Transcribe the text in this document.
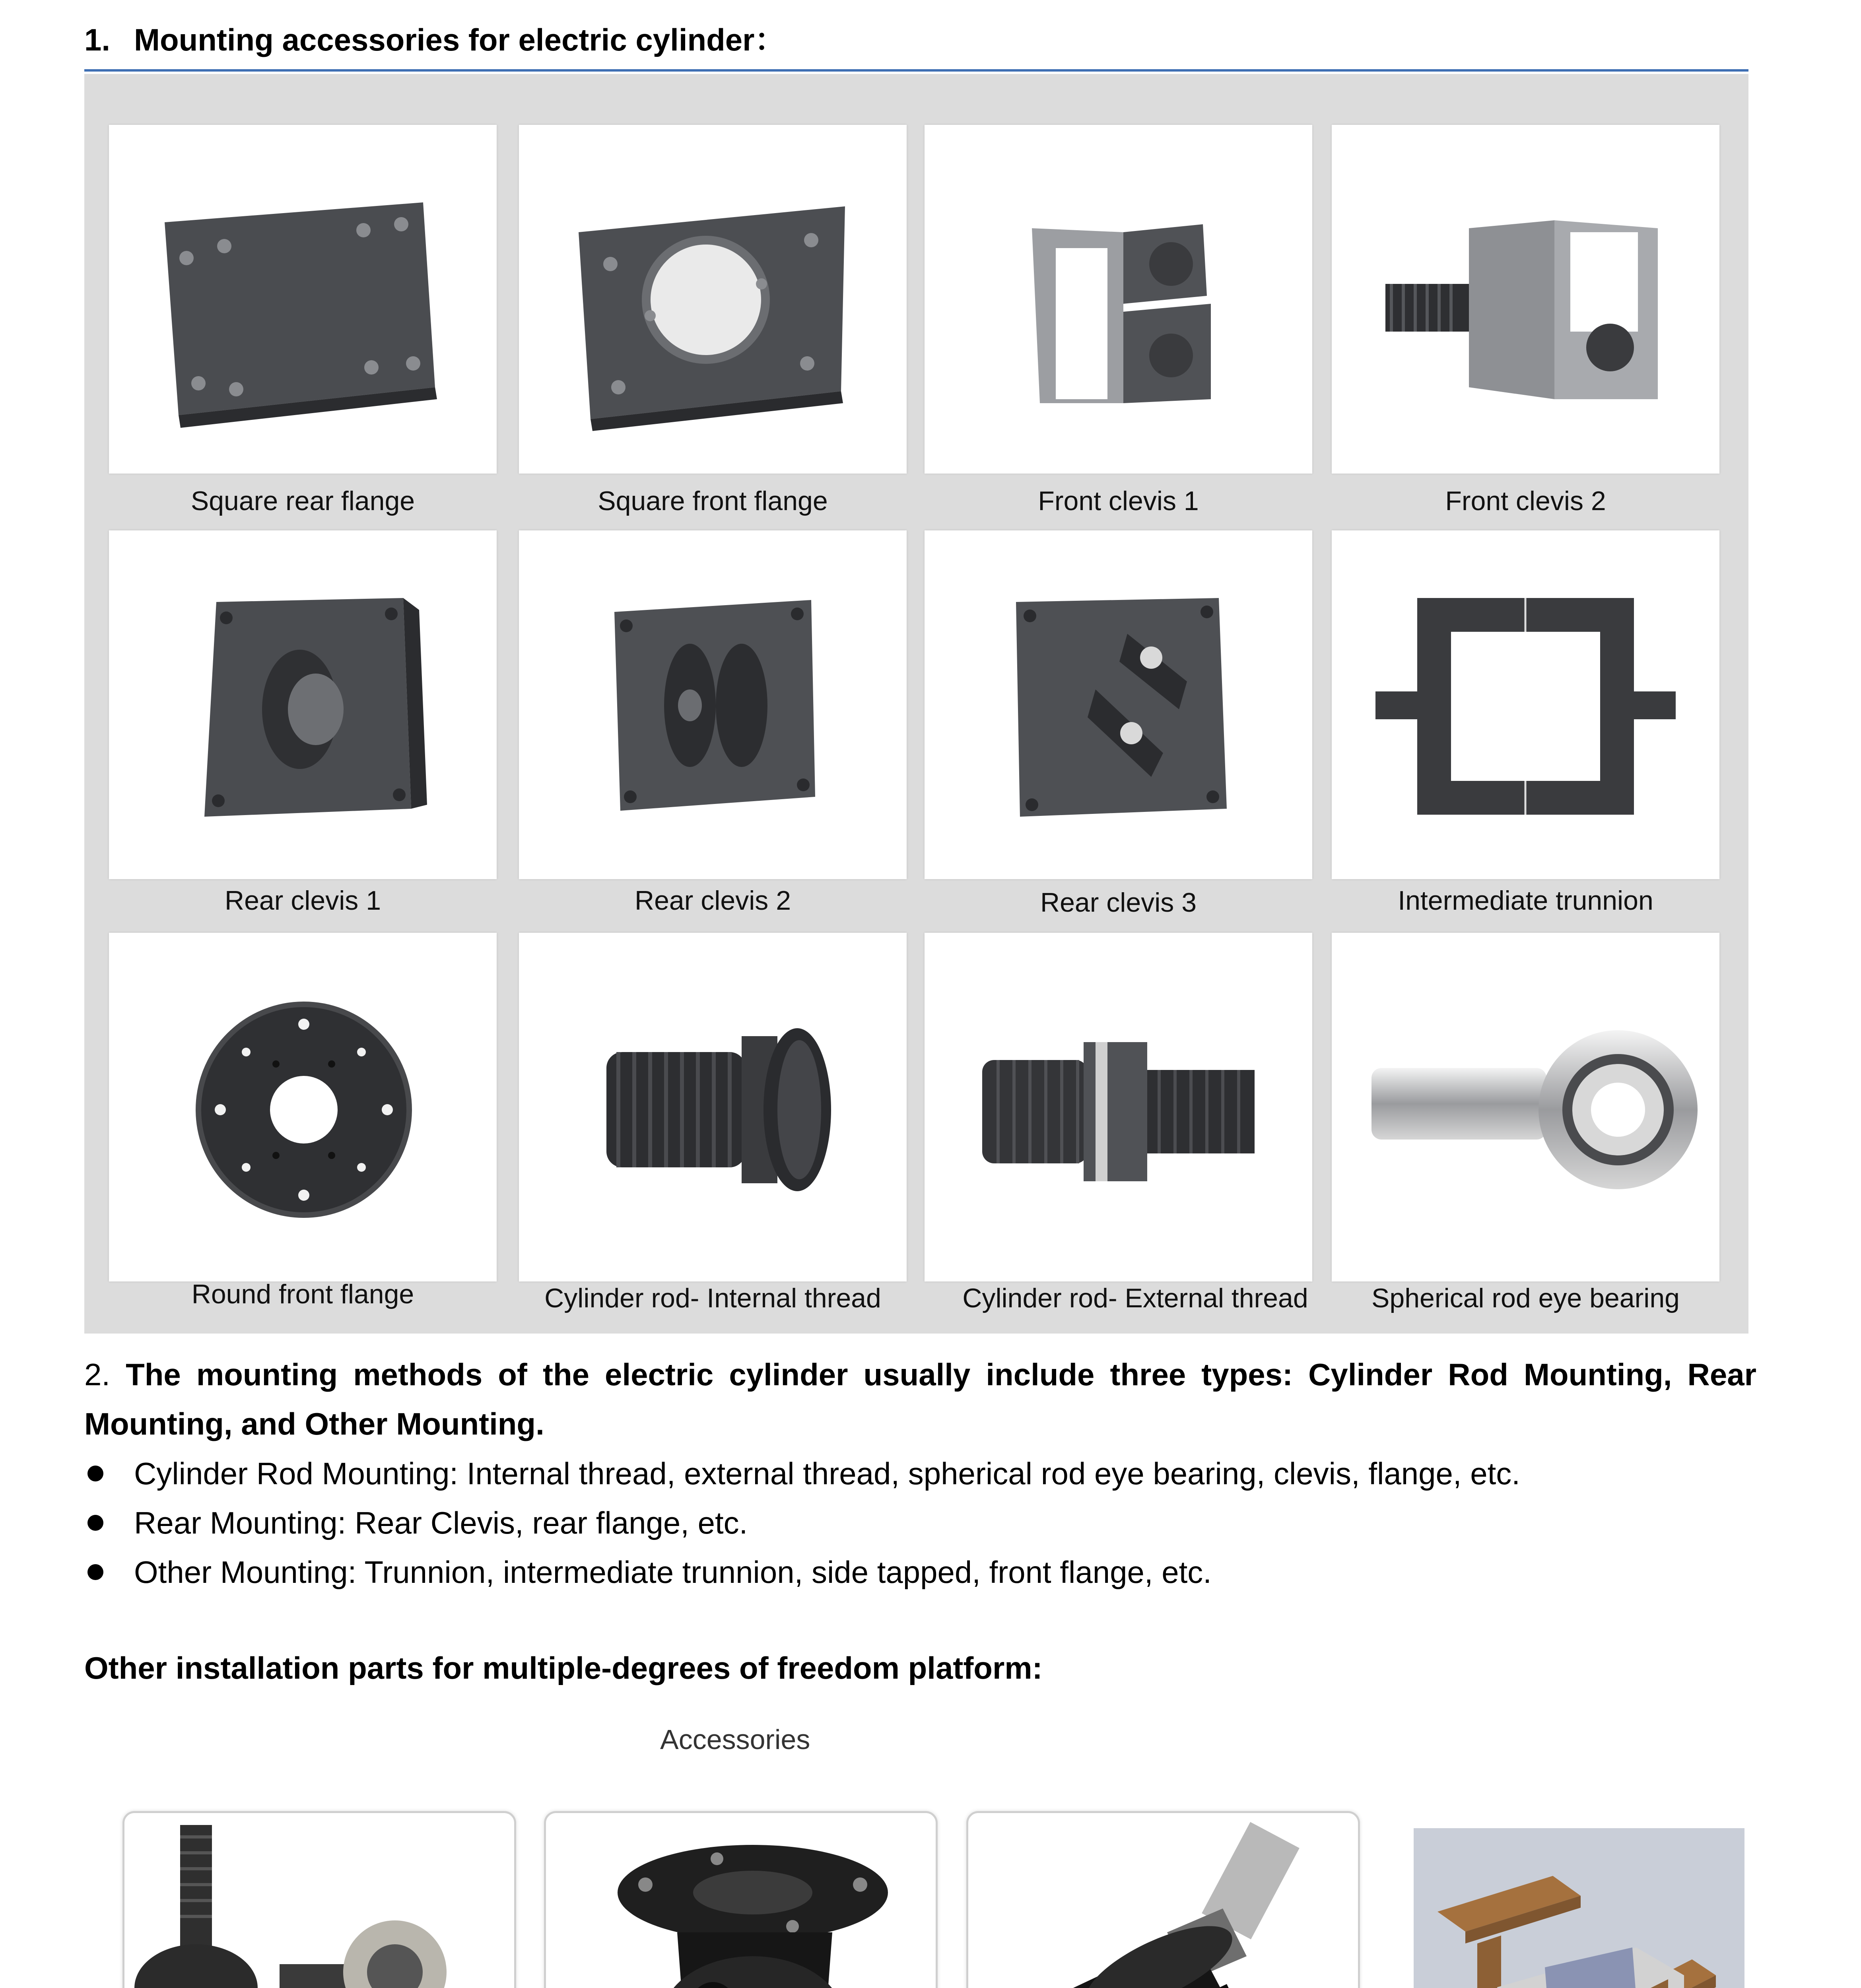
1. Mounting accessories for electric cylinder：
Square rear flange	Square front flange	Front clevis 1	Front clevis 2
Rear clevis 1	Rear clevis 2	Rear clevis 3	Intermediate trunnion
Round front flange	Cylinder rod- Internal thread	Cylinder rod- External thread	Spherical rod eye bearing
2. The mounting methods of the electric cylinder usually include three types: Cylinder Rod Mounting, Rear Mounting, and Other Mounting.
Cylinder Rod Mounting: Internal thread, external thread, spherical rod eye bearing, clevis, flange, etc.
Rear Mounting: Rear Clevis, rear flange, etc.
Other Mounting: Trunnion, intermediate trunnion, side tapped, front flange, etc.
Other installation parts for multiple-degrees of freedom platform:
Accessories
